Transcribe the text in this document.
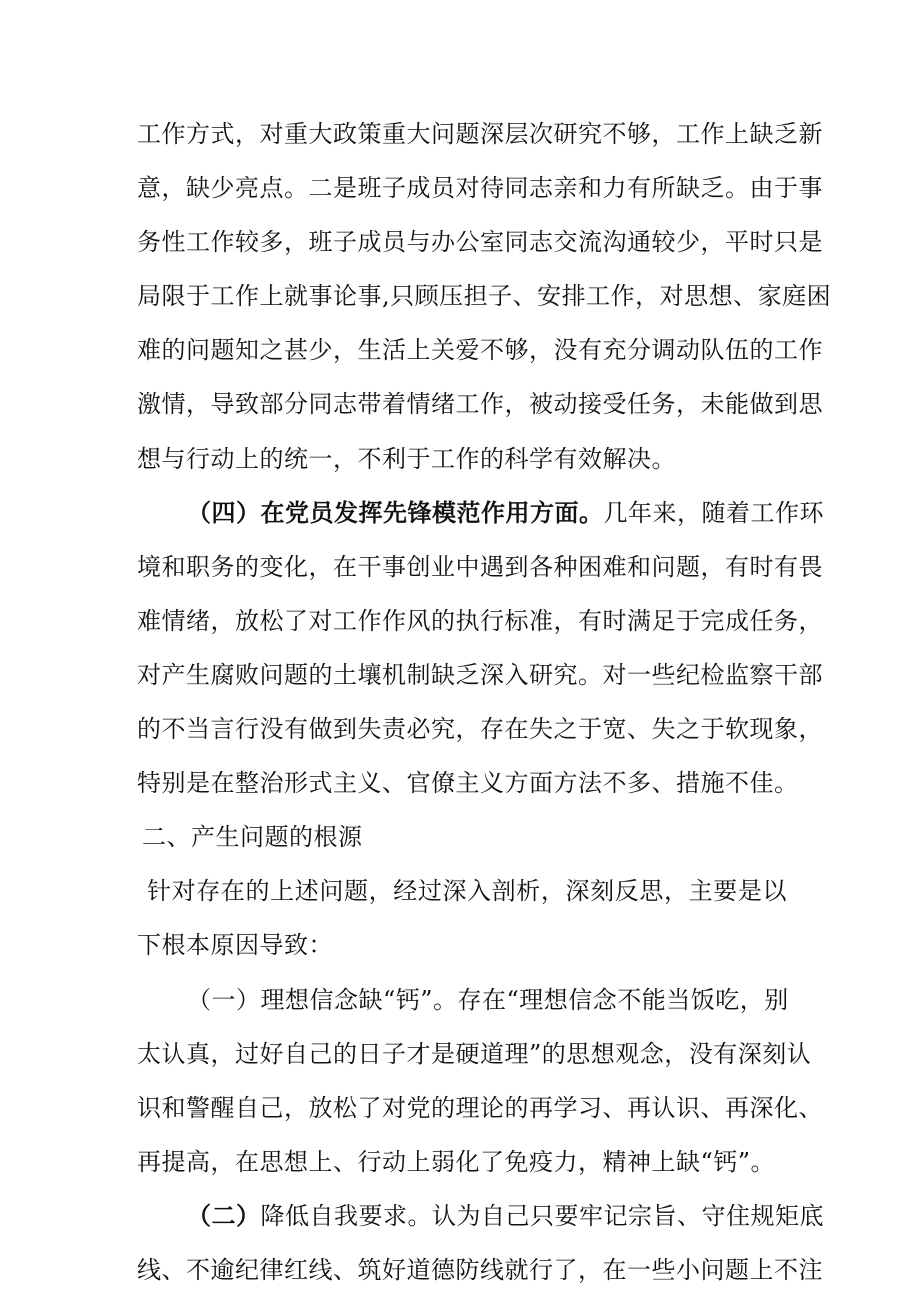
工作方式，对重大政策重大问题深层次研究不够，工作上缺乏新
意，缺少亮点。二是班子成员对待同志亲和力有所缺乏。由于事
务性工作较多，班子成员与办公室同志交流沟通较少，平时只是
局限于工作上就事论事,只顾压担子、安排工作，对思想、家庭困
难的问题知之甚少，生活上关爱不够，没有充分调动队伍的工作
激情，导致部分同志带着情绪工作，被动接受任务，未能做到思
想与行动上的统一，不利于工作的科学有效解决。
（四）在党员发挥先锋模范作用方面。几年来，随着工作环
境和职务的变化，在干事创业中遇到各种困难和问题，有时有畏
难情绪，放松了对工作作风的执行标准，有时满足于完成任务，
对产生腐败问题的土壤机制缺乏深入研究。对一些纪检监察干部
的不当言行没有做到失责必究，存在失之于宽、失之于软现象，
特别是在整治形式主义、官僚主义方面方法不多、措施不佳。
二、产生问题的根源
针对存在的上述问题，经过深入剖析，深刻反思，主要是以
下根本原因导致：
（一）理想信念缺“钙”。存在“理想信念不能当饭吃，别
太认真，过好自己的日子才是硬道理”的思想观念，没有深刻认
识和警醒自己，放松了对党的理论的再学习、再认识、再深化、
再提高，在思想上、行动上弱化了免疫力，精神上缺“钙”。
（二）降低自我要求。认为自己只要牢记宗旨、守住规矩底
线、不逾纪律红线、筑好道德防线就行了，在一些小问题上不注
